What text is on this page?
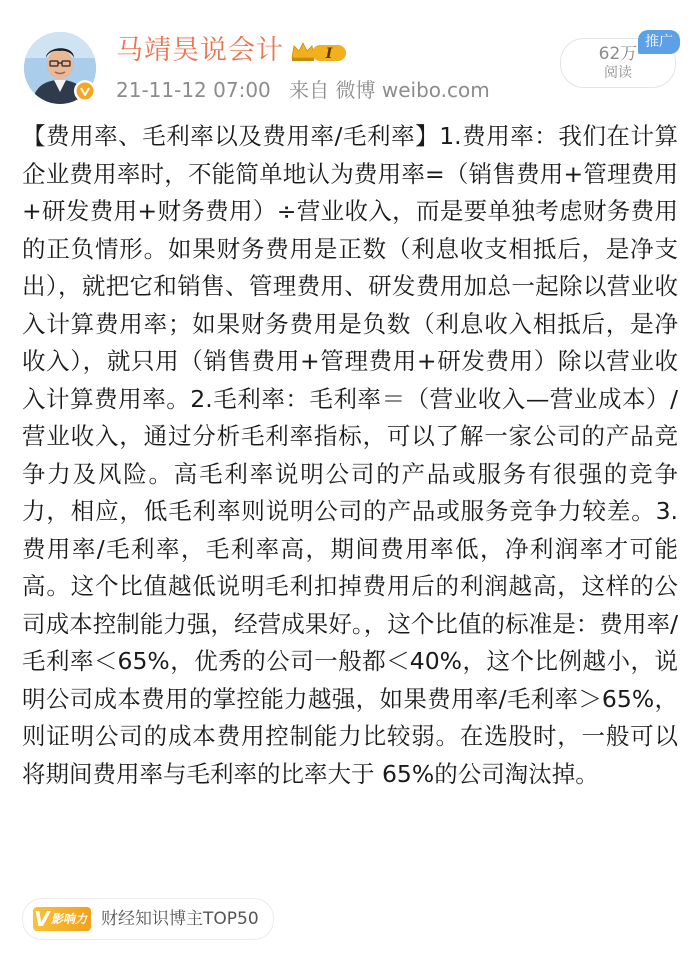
马靖昊说会计	I
21-11-12 07:00 来自 微博 weibo.com
62万
阅读
推广

【费用率、毛利率以及费用率/毛利率】1.费用率：我们在计算企业费用率时，不能简单地认为费用率=（销售费用+管理费用+研发费用+财务费用）÷营业收入，而是要单独考虑财务费用的正负情形。如果财务费用是正数（利息收支相抵后，是净支出），就把它和销售、管理费用、研发费用加总一起除以营业收入计算费用率；如果财务费用是负数（利息收入相抵后，是净收入），就只用（销售费用+管理费用+研发费用）除以营业收入计算费用率。2.毛利率：毛利率＝（营业收入—营业成本）/营业收入，通过分析毛利率指标，可以了解一家公司的产品竞争力及风险。高毛利率说明公司的产品或服务有很强的竞争力，相应，低毛利率则说明公司的产品或服务竞争力较差。3.费用率/毛利率，毛利率高，期间费用率低，净利润率才可能高。这个比值越低说明毛利扣掉费用后的利润越高，这样的公司成本控制能力强，经营成果好。，这个比值的标准是：费用率/毛利率＜65%，优秀的公司一般都＜40%，这个比例越小，说明公司成本费用的掌控能力越强，如果费用率/毛利率＞65%，则证明公司的成本费用控制能力比较弱。在选股时，一般可以将期间费用率与毛利率的比率大于 65%的公司淘汰掉。

V 影响力 财经知识博主TOP50
